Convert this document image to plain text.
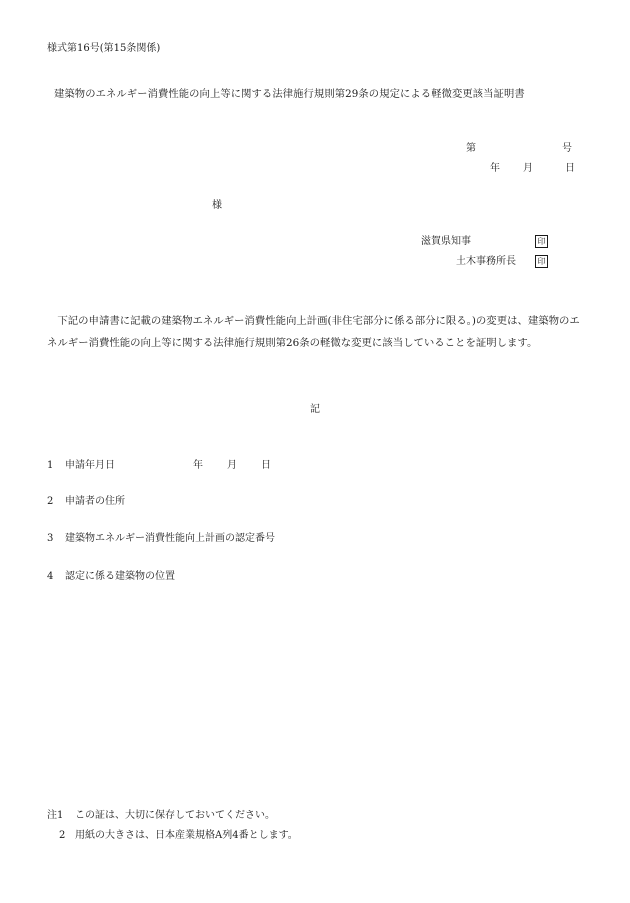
様式第16号(第15条関係)
建築物のエネルギー消費性能の向上等に関する法律施行規則第29条の規定による軽微変更該当証明書
第	号
年 月	日
様
滋賀県知事	印
土木事務所長	印
下記の申請書に記載の建築物エネルギー消費性能向上計画(非住宅部分に係る部分に限る。)の変更は、建築物のエネルギー消費性能の向上等に関する法律施行規則第26条の軽微な変更に該当していることを証明します。
記
1 申請年月日	年 月 日
2 申請者の住所
3 建築物エネルギー消費性能向上計画の認定番号
4 認定に係る建築物の位置
注1 この証は、大切に保存しておいてください。
2 用紙の大きさは、日本産業規格A列4番とします。
